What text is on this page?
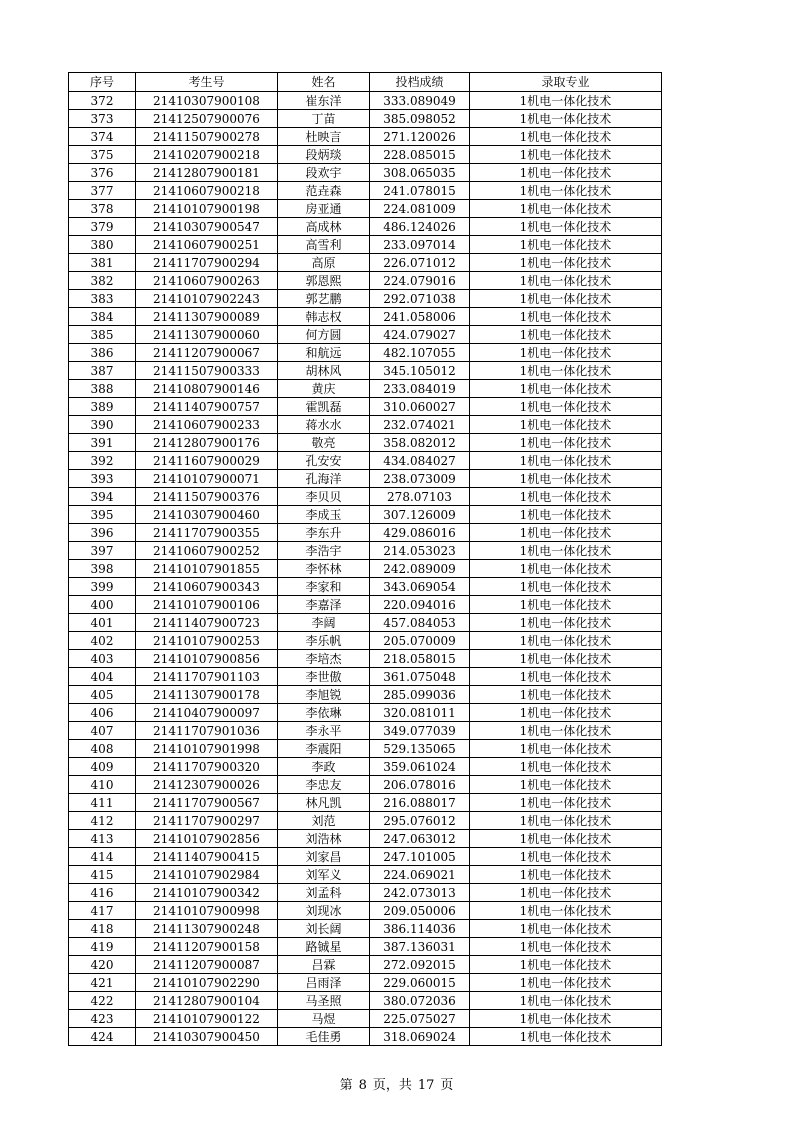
序号	考生号	姓名	投档成绩	录取专业
372	21410307900108	崔东洋	333.089049	1机电一体化技术
373	21412507900076	丁苗	385.098052	1机电一体化技术
374	21411507900278	杜映言	271.120026	1机电一体化技术
375	21410207900218	段炳琰	228.085015	1机电一体化技术
376	21412807900181	段欢宇	308.065035	1机电一体化技术
377	21410607900218	范垚森	241.078015	1机电一体化技术
378	21410107900198	房亚通	224.081009	1机电一体化技术
379	21410307900547	高成林	486.124026	1机电一体化技术
380	21410607900251	高雪利	233.097014	1机电一体化技术
381	21411707900294	高原	226.071012	1机电一体化技术
382	21410607900263	郭恩熙	224.079016	1机电一体化技术
383	21410107902243	郭艺鹏	292.071038	1机电一体化技术
384	21411307900089	韩志权	241.058006	1机电一体化技术
385	21411307900060	何方圆	424.079027	1机电一体化技术
386	21411207900067	和航远	482.107055	1机电一体化技术
387	21411507900333	胡林风	345.105012	1机电一体化技术
388	21410807900146	黄庆	233.084019	1机电一体化技术
389	21411407900757	霍凯磊	310.060027	1机电一体化技术
390	21410607900233	蒋水水	232.074021	1机电一体化技术
391	21412807900176	敬亮	358.082012	1机电一体化技术
392	21411607900029	孔安安	434.084027	1机电一体化技术
393	21410107900071	孔海洋	238.073009	1机电一体化技术
394	21411507900376	李贝贝	278.07103	1机电一体化技术
395	21410307900460	李成玉	307.126009	1机电一体化技术
396	21411707900355	李东升	429.086016	1机电一体化技术
397	21410607900252	李浩宇	214.053023	1机电一体化技术
398	21410107901855	李怀林	242.089009	1机电一体化技术
399	21410607900343	李家和	343.069054	1机电一体化技术
400	21410107900106	李嘉泽	220.094016	1机电一体化技术
401	21411407900723	李阔	457.084053	1机电一体化技术
402	21410107900253	李乐帆	205.070009	1机电一体化技术
403	21410107900856	李培杰	218.058015	1机电一体化技术
404	21411707901103	李世傲	361.075048	1机电一体化技术
405	21411307900178	李旭锐	285.099036	1机电一体化技术
406	21410407900097	李依琳	320.081011	1机电一体化技术
407	21411707901036	李永平	349.077039	1机电一体化技术
408	21410107901998	李震阳	529.135065	1机电一体化技术
409	21411707900320	李政	359.061024	1机电一体化技术
410	21412307900026	李忠友	206.078016	1机电一体化技术
411	21411707900567	林凡凯	216.088017	1机电一体化技术
412	21411707900297	刘范	295.076012	1机电一体化技术
413	21410107902856	刘浩林	247.063012	1机电一体化技术
414	21411407900415	刘家昌	247.101005	1机电一体化技术
415	21410107902984	刘军义	224.069021	1机电一体化技术
416	21410107900342	刘孟科	242.073013	1机电一体化技术
417	21410107900998	刘现冰	209.050006	1机电一体化技术
418	21411307900248	刘长阔	386.114036	1机电一体化技术
419	21411207900158	路铖星	387.136031	1机电一体化技术
420	21411207900087	吕霖	272.092015	1机电一体化技术
421	21410107902290	吕雨泽	229.060015	1机电一体化技术
422	21412807900104	马圣照	380.072036	1机电一体化技术
423	21410107900122	马煜	225.075027	1机电一体化技术
424	21410307900450	毛佳勇	318.069024	1机电一体化技术
第 8 页，共 17 页
